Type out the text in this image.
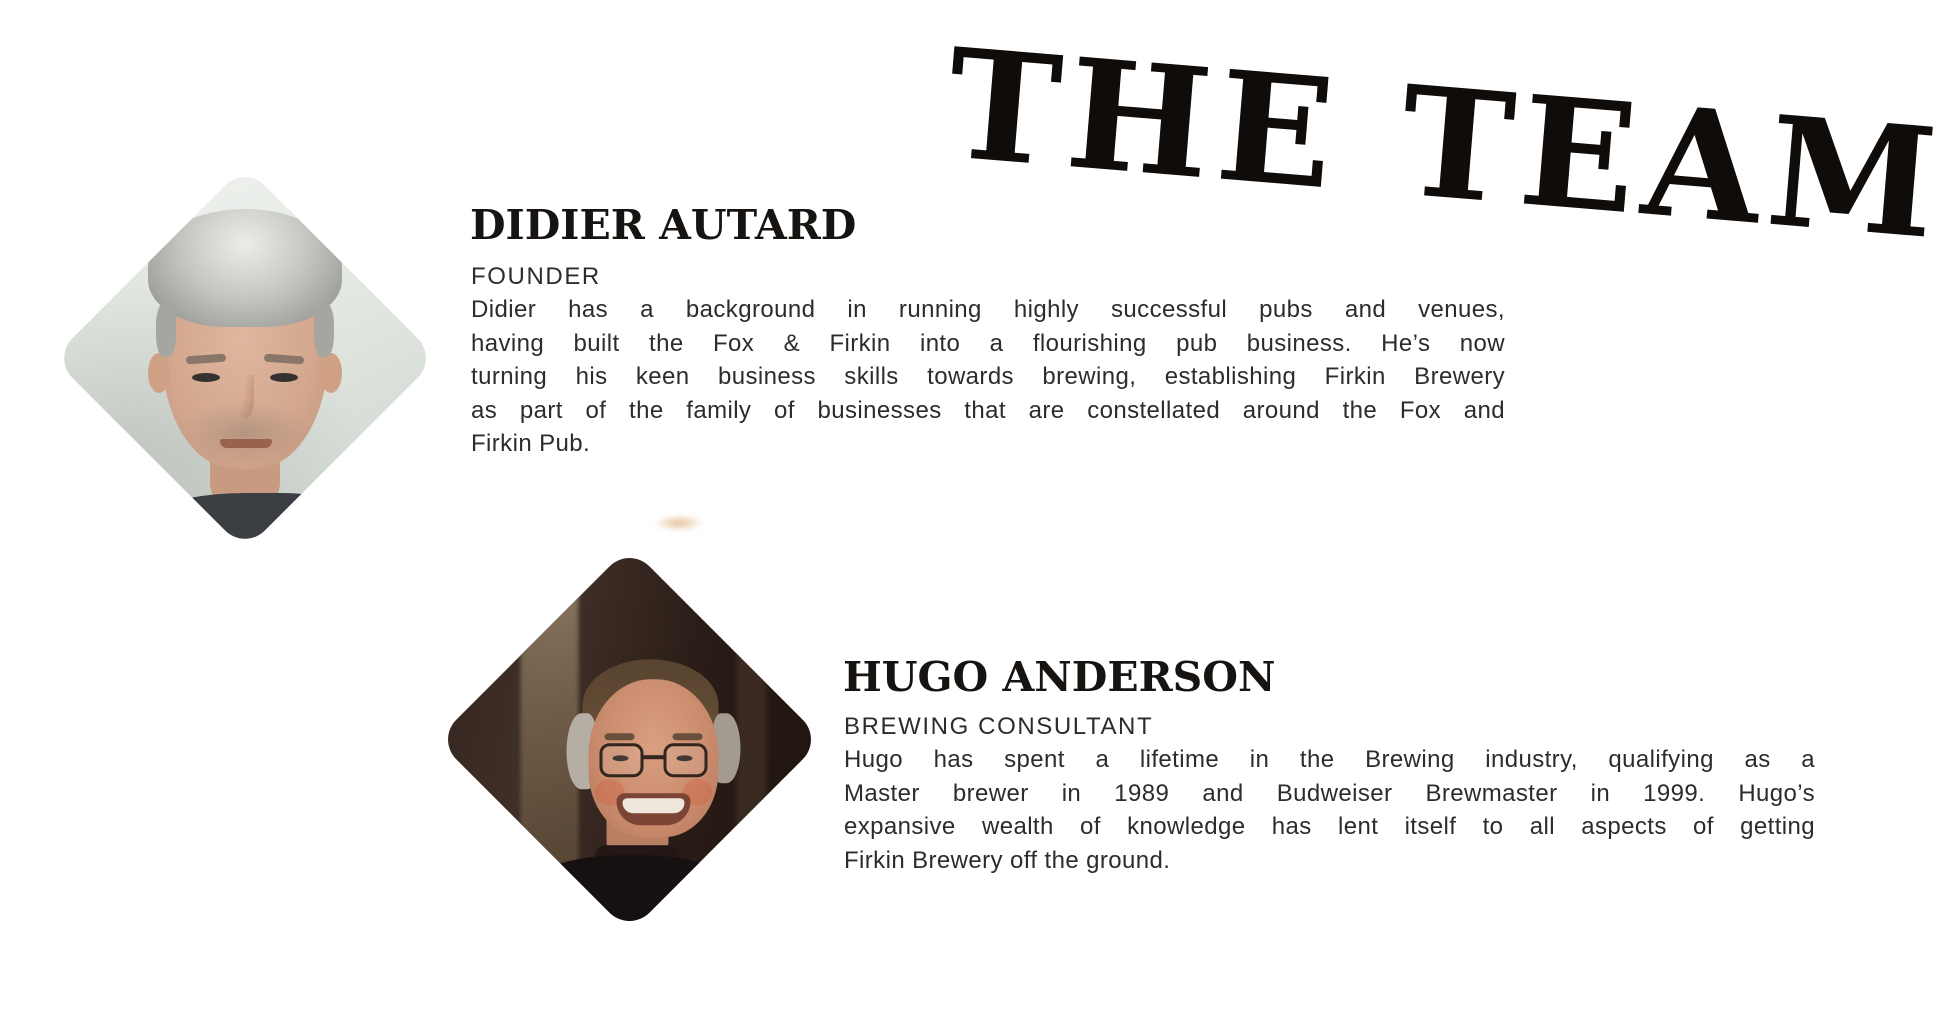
THE TEAM
DIDIER AUTARD
FOUNDER
Didier has a background in running highly successful pubs and venues,
having built the Fox & Firkin into a flourishing pub business. He’s now
turning his keen business skills towards brewing, establishing Firkin Brewery
as part of the family of businesses that are constellated around the Fox and
Firkin Pub.
HUGO ANDERSON
BREWING CONSULTANT
Hugo has spent a lifetime in the Brewing industry, qualifying as a
Master brewer in 1989 and Budweiser Brewmaster in 1999. Hugo’s
expansive wealth of knowledge has lent itself to all aspects of getting
Firkin Brewery off the ground.
